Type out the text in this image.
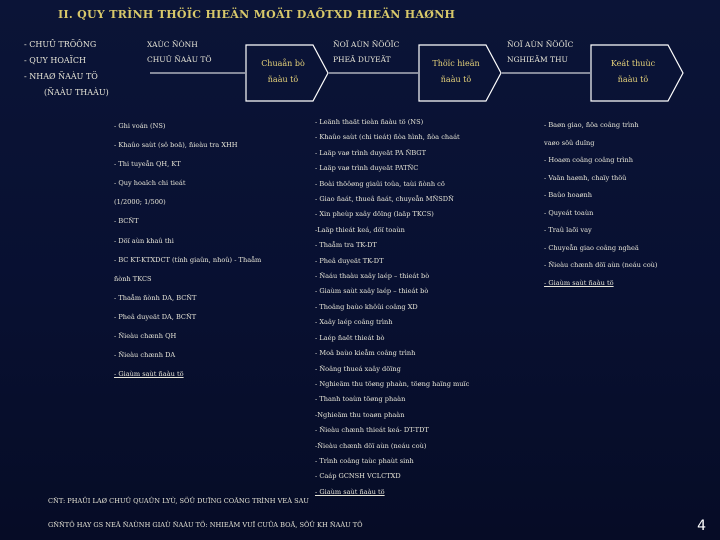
II. QUY TRÌNH THÖÏC HIEÄN MOÄT DAÕTXD HIEÄN HAØNH
- CHUÛ TRÖÔNG
- QUY HOAÏCH
- NHAØ ÑAÀU TÖ
(ÑAÀU THAÀU)
XAÙC ÑÒNH
CHUÛ ÑAÀU TÖ
ÑOÏ AÙN ÑÖÔÏC
PHEÂ DUYEÄT
ÑOÏ AÙN ÑÖÔÏC
NGHIEÄM THU
Chuaån bò
ñaàu tö
Thöïc hieän
ñaàu tö
Keát thuùc
ñaàu tö
- Ghi voán (NS)
- Khaûo saùt (sô boä), ñieàu tra XHH
- Thi tuyeån QH, KT
- Quy hoaïch chi tieát
(1/2000; 1/500)
- BCÑT
- Döï aùn khaû thi
- BC KT-KTXDCT (tính giaûn, nhoû) - Thaåm
ñònh TKCS
- Thaåm ñònh DA, BCÑT
- Pheâ duyeät DA, BCÑT
- Ñieàu chænh QH
- Ñieàu chænh DA
- Giaùm saùt ñaàu tö
- Leänh thaät tieàn ñaàu tö (NS)
- Khaûo saùt (chi tieát) ñòa hình, ñòa chaát
- Laäp vaø trình duyeät PA ÑBGT
- Laäp vaø trình duyeät PATÑC
- Boài thöôøng giaûi toûa, taùi ñònh cö
- Giao ñaát, thueâ ñaát, chuyeån MÑSDÑ
- Xin pheùp xaây döïng (laäp TKCS)
-Laäp thieát keá, döï toaùn
- Thaåm tra TK-DT
- Pheâ duyeät TK-DT
- Ñaáu thaàu xaây laép – thieát bò
- Giaùm saùt xaây laép – thieát bò
- Thoâng baùo khôûi coâng XD
- Xaây laép coâng trình
- Laép ñaët thieát bò
- Moâ baùo kieåm coâng trình
- Ñoâng thueá xaây döïng
- Nghieäm thu töøng phaàn, töøng haïng muïc
- Thanh toaùn töøng phaàn
-Nghieäm thu toaøn phaàn
- Ñieàu chænh thieát keá- DT-TDT
-Ñieàu chænh döï aùn (neáu coù)
- Trình coâng taùc phaùt sinh
- Caáp GCNSH VCLCTXD
- Giaùm saùt ñaàu tö
- Baøn giao, ñöa coâng trình
vaøo söû duïng
- Hoaøn coâng coâng trình
- Vaän haønh, chaïy thöû
- Baûo hoaønh
- Quyeát toaùn
- Traû laõi vay
- Chuyeån giao coâng ngheä
- Ñieàu chænh döï aùn (neáu coù)
- Giaùm saùt ñaàu tö
CÑT: PHAÛI LAØ CHUÛ QUAÛN LYÙ, SÖÛ DUÏNG COÂNG TRÌNH VEÀ SAU
GÑÑTÖ HAY GS NEÂ ÑAÙNH GIAÙ ÑAÀU TÖ: NHIEÄM VUÏ CUÛA BOÄ, SÔÛ KH ÑAÀU TÖ	4
